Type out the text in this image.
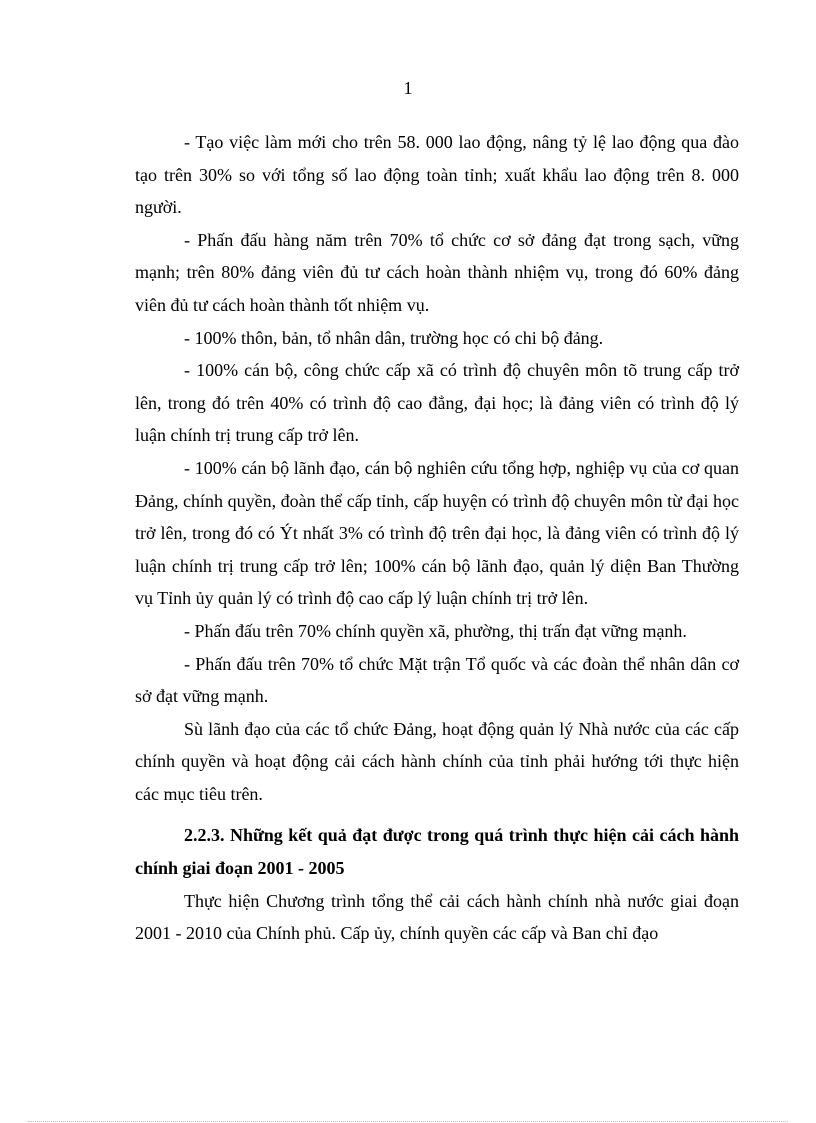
1

- Tạo việc làm mới cho trên 58. 000 lao động, nâng tỷ lệ lao động qua đào tạo trên 30% so với tổng số lao động toàn tỉnh; xuất khẩu lao động trên 8. 000 người.

- Phấn đấu hàng năm trên 70% tổ chức cơ sở đảng đạt trong sạch, vững mạnh; trên 80% đảng viên đủ tư cách hoàn thành nhiệm vụ, trong đó 60% đảng viên đủ tư cách hoàn thành tốt nhiệm vụ.

- 100% thôn, bản, tổ nhân dân, trường học có chi bộ đảng.

- 100% cán bộ, công chức cấp xã có trình độ chuyên môn tõ trung cấp trở lên, trong đó trên 40% có trình độ cao đẳng, đại học; là đảng viên có trình độ lý luận chính trị trung cấp trở lên.

- 100% cán bộ lãnh đạo, cán bộ nghiên cứu tổng hợp, nghiệp vụ của cơ quan Đảng, chính quyền, đoàn thể cấp tỉnh, cấp huyện có trình độ chuyên môn từ đại học trở lên, trong đó có Ýt nhất 3% có trình độ trên đại học, là đảng viên có trình độ lý luận chính trị trung cấp trở lên; 100% cán bộ lãnh đạo, quản lý diện Ban Thường vụ Tỉnh ủy quản lý có trình độ cao cấp lý luận chính trị trở lên.

- Phấn đấu trên 70% chính quyền xã, phường, thị trấn đạt vững mạnh.

- Phấn đấu trên 70% tổ chức Mặt trận Tổ quốc và các đoàn thể nhân dân cơ sở đạt vững mạnh.

Sù lãnh đạo của các tổ chức Đảng, hoạt động quản lý Nhà nước của các cấp chính quyền và hoạt động cải cách hành chính của tỉnh phải hướng tới thực hiện các mục tiêu trên.

2.2.3. Những kết quả đạt được trong quá trình thực hiện cải cách hành chính giai đoạn 2001 - 2005

Thực hiện Chương trình tổng thể cải cách hành chính nhà nước giai đoạn 2001 - 2010 của Chính phủ. Cấp ủy, chính quyền các cấp và Ban chỉ đạo
